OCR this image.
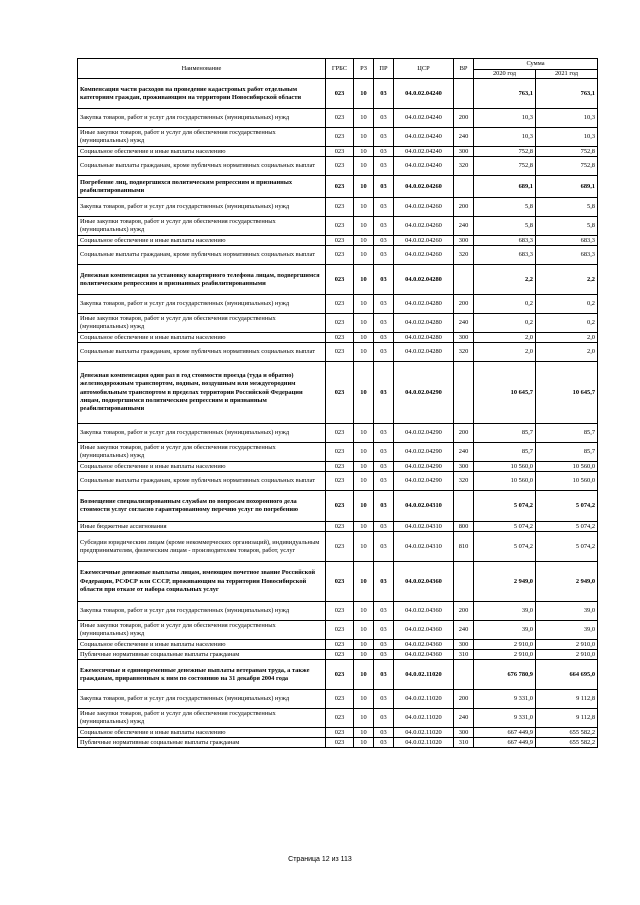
Наименование	ГРБС	РЗ	ПР	ЦСР	ВР	Сумма	
						2020 год	2021 год
Компенсация части расходов на проведение кадастровых работ отдельным категориям граждан, проживающим на территории Новосибирской области	023	10	03	04.0.02.04240		763,1	763,1
Закупка товаров, работ и услуг для государственных (муниципальных) нужд	023	10	03	04.0.02.04240	200	10,3	10,3
Иные закупки товаров, работ и услуг для обеспечения государственных (муниципальных) нужд	023	10	03	04.0.02.04240	240	10,3	10,3
Социальное обеспечение и иные выплаты населению	023	10	03	04.0.02.04240	300	752,8	752,8
Социальные выплаты гражданам, кроме публичных нормативных социальных выплат	023	10	03	04.0.02.04240	320	752,8	752,8
Погребение лиц, подвергшихся политическим репрессиям и признанных реабилитированными	023	10	03	04.0.02.04260		689,1	689,1
Закупка товаров, работ и услуг для государственных (муниципальных) нужд	023	10	03	04.0.02.04260	200	5,8	5,8
Иные закупки товаров, работ и услуг для обеспечения государственных (муниципальных) нужд	023	10	03	04.0.02.04260	240	5,8	5,8
Социальное обеспечение и иные выплаты населению	023	10	03	04.0.02.04260	300	683,3	683,3
Социальные выплаты гражданам, кроме публичных нормативных социальных выплат	023	10	03	04.0.02.04260	320	683,3	683,3
Денежная компенсация за установку квартирного телефона лицам, подвергшимся политическим репрессиям и признанных реабилитированными	023	10	03	04.0.02.04280		2,2	2,2
Закупка товаров, работ и услуг для государственных (муниципальных) нужд	023	10	03	04.0.02.04280	200	0,2	0,2
Иные закупки товаров, работ и услуг для обеспечения государственных (муниципальных) нужд	023	10	03	04.0.02.04280	240	0,2	0,2
Социальное обеспечение и иные выплаты населению	023	10	03	04.0.02.04280	300	2,0	2,0
Социальные выплаты гражданам, кроме публичных нормативных социальных выплат	023	10	03	04.0.02.04280	320	2,0	2,0
Денежная компенсация один раз в год стоимости проезда (туда и обратно) железнодорожным транспортом, водным, воздушным или междугородним автомобильным транспортом в пределах территории Российской Федерации лицам, подвергшимся политическим репрессиям и признанным реабилитированными	023	10	03	04.0.02.04290		10 645,7	10 645,7
Закупка товаров, работ и услуг для государственных (муниципальных) нужд	023	10	03	04.0.02.04290	200	85,7	85,7
Иные закупки товаров, работ и услуг для обеспечения государственных (муниципальных) нужд	023	10	03	04.0.02.04290	240	85,7	85,7
Социальное обеспечение и иные выплаты населению	023	10	03	04.0.02.04290	300	10 560,0	10 560,0
Социальные выплаты гражданам, кроме публичных нормативных социальных выплат	023	10	03	04.0.02.04290	320	10 560,0	10 560,0
Возмещение специализированным службам по вопросам похоронного дела стоимости услуг согласно гарантированному перечню услуг по погребению	023	10	03	04.0.02.04310		5 074,2	5 074,2
Иные бюджетные ассигнования	023	10	03	04.0.02.04310	800	5 074,2	5 074,2
Субсидии юридическим лицам (кроме некоммерческих организаций), индивидуальным предпринимателям, физическим лицам - производителям товаров, работ, услуг	023	10	03	04.0.02.04310	810	5 074,2	5 074,2
Ежемесячные денежные выплаты лицам, имеющим почетное звание Российской Федерации, РСФСР или СССР, проживающим на территории Новосибирской области при отказе от набора социальных услуг	023	10	03	04.0.02.04360		2 949,0	2 949,0
Закупка товаров, работ и услуг для государственных (муниципальных) нужд	023	10	03	04.0.02.04360	200	39,0	39,0
Иные закупки товаров, работ и услуг для обеспечения государственных (муниципальных) нужд	023	10	03	04.0.02.04360	240	39,0	39,0
Социальное обеспечение и иные выплаты населению	023	10	03	04.0.02.04360	300	2 910,0	2 910,0
Публичные нормативные социальные выплаты гражданам	023	10	03	04.0.02.04360	310	2 910,0	2 910,0
Ежемесячные и единовременные денежные выплаты ветеранам труда, а также гражданам, приравненным к ним по состоянию на 31 декабря 2004 года	023	10	03	04.0.02.11020		676 780,9	664 695,0
Закупка товаров, работ и услуг для государственных (муниципальных) нужд	023	10	03	04.0.02.11020	200	9 331,0	9 112,8
Иные закупки товаров, работ и услуг для обеспечения государственных (муниципальных) нужд	023	10	03	04.0.02.11020	240	9 331,0	9 112,8
Социальное обеспечение и иные выплаты населению	023	10	03	04.0.02.11020	300	667 449,9	655 582,2
Публичные нормативные социальные выплаты гражданам	023	10	03	04.0.02.11020	310	667 449,9	655 582,2
Страница 12 из 113
